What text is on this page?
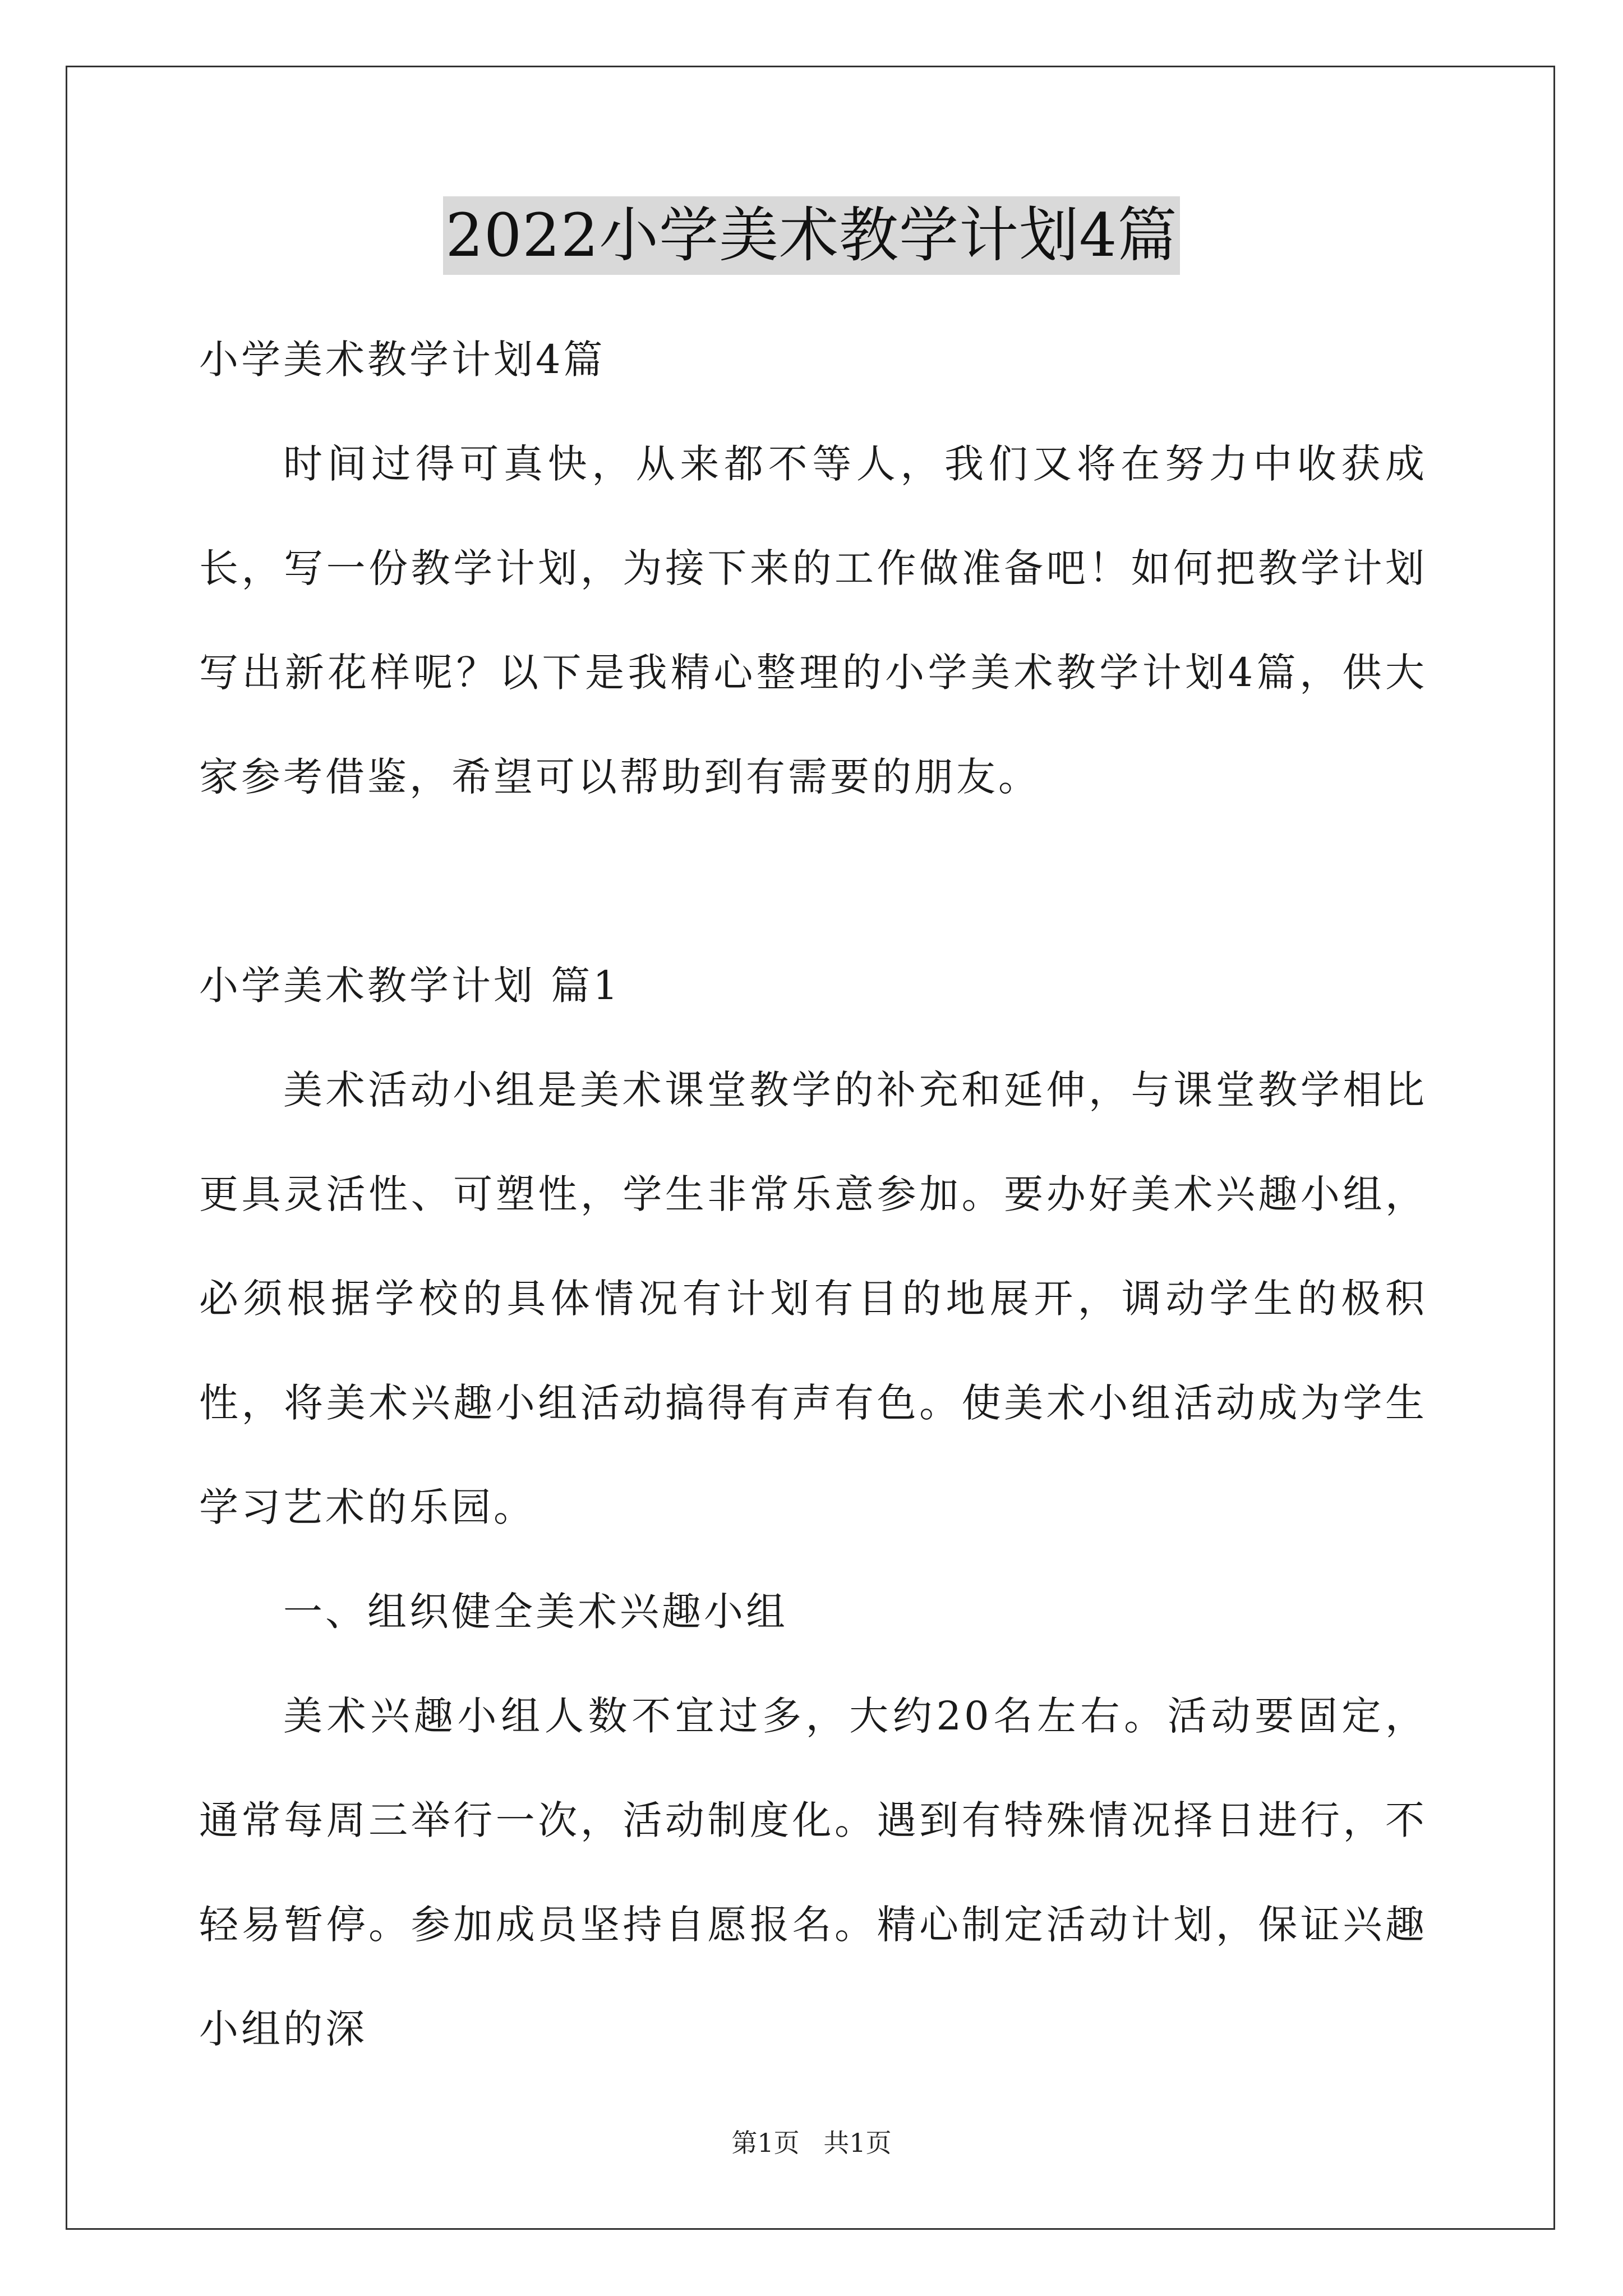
2022小学美术教学计划4篇

小学美术教学计划4篇

时间过得可真快，从来都不等人，我们又将在努力中收获成长，写一份教学计划，为接下来的工作做准备吧！如何把教学计划写出新花样呢？以下是我精心整理的小学美术教学计划4篇，供大家参考借鉴，希望可以帮助到有需要的朋友。

小学美术教学计划 篇1

美术活动小组是美术课堂教学的补充和延伸，与课堂教学相比更具灵活性、可塑性，学生非常乐意参加。要办好美术兴趣小组，必须根据学校的具体情况有计划有目的地展开，调动学生的极积性，将美术兴趣小组活动搞得有声有色。使美术小组活动成为学生学习艺术的乐园。

一、组织健全美术兴趣小组

美术兴趣小组人数不宜过多，大约20名左右。活动要固定，通常每周三举行一次，活动制度化。遇到有特殊情况择日进行，不轻易暂停。参加成员坚持自愿报名。精心制定活动计划，保证兴趣小组的深

第1页 共1页
